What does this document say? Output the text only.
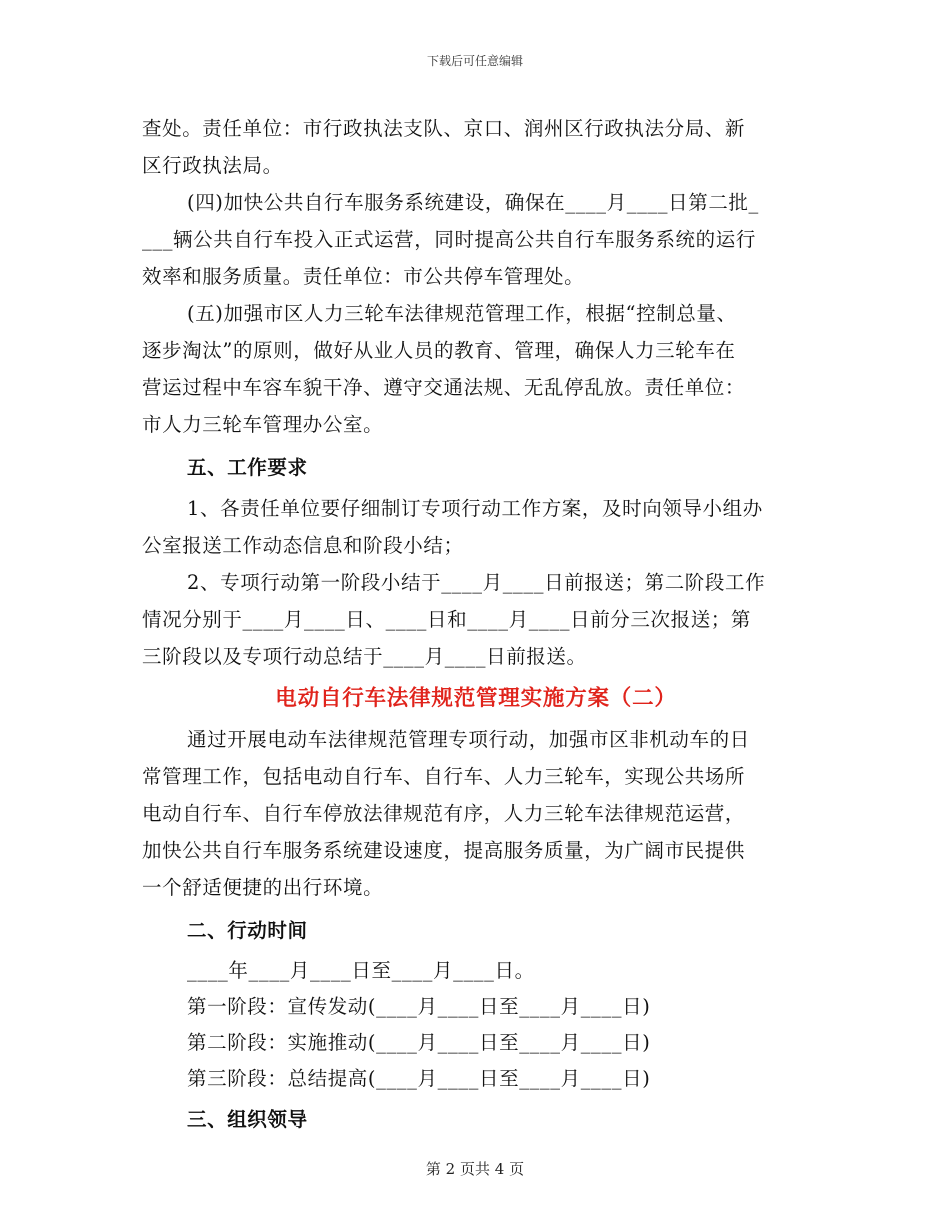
下载后可任意编辑

查处。责任单位：市行政执法支队、京口、润州区行政执法分局、新

区行政执法局。

(四)加快公共自行车服务系统建设，确保在____月____日第二批_

___辆公共自行车投入正式运营，同时提高公共自行车服务系统的运行

效率和服务质量。责任单位：市公共停车管理处。

(五)加强市区人力三轮车法律规范管理工作，根据“控制总量、

逐步淘汰”的原则，做好从业人员的教育、管理，确保人力三轮车在

营运过程中车容车貌干净、遵守交通法规、无乱停乱放。责任单位：

市人力三轮车管理办公室。

五、工作要求

1、各责任单位要仔细制订专项行动工作方案，及时向领导小组办

公室报送工作动态信息和阶段小结；

2、专项行动第一阶段小结于____月____日前报送；第二阶段工作

情况分别于____月____日、____日和____月____日前分三次报送；第

三阶段以及专项行动总结于____月____日前报送。

电动自行车法律规范管理实施方案（二）

通过开展电动车法律规范管理专项行动，加强市区非机动车的日

常管理工作，包括电动自行车、自行车、人力三轮车，实现公共场所

电动自行车、自行车停放法律规范有序，人力三轮车法律规范运营，

加快公共自行车服务系统建设速度，提高服务质量，为广阔市民提供

一个舒适便捷的出行环境。

二、行动时间

____年____月____日至____月____日。

第一阶段：宣传发动(____月____日至____月____日)

第二阶段：实施推动(____月____日至____月____日)

第三阶段：总结提高(____月____日至____月____日)

三、组织领导

第 2 页共 4 页
